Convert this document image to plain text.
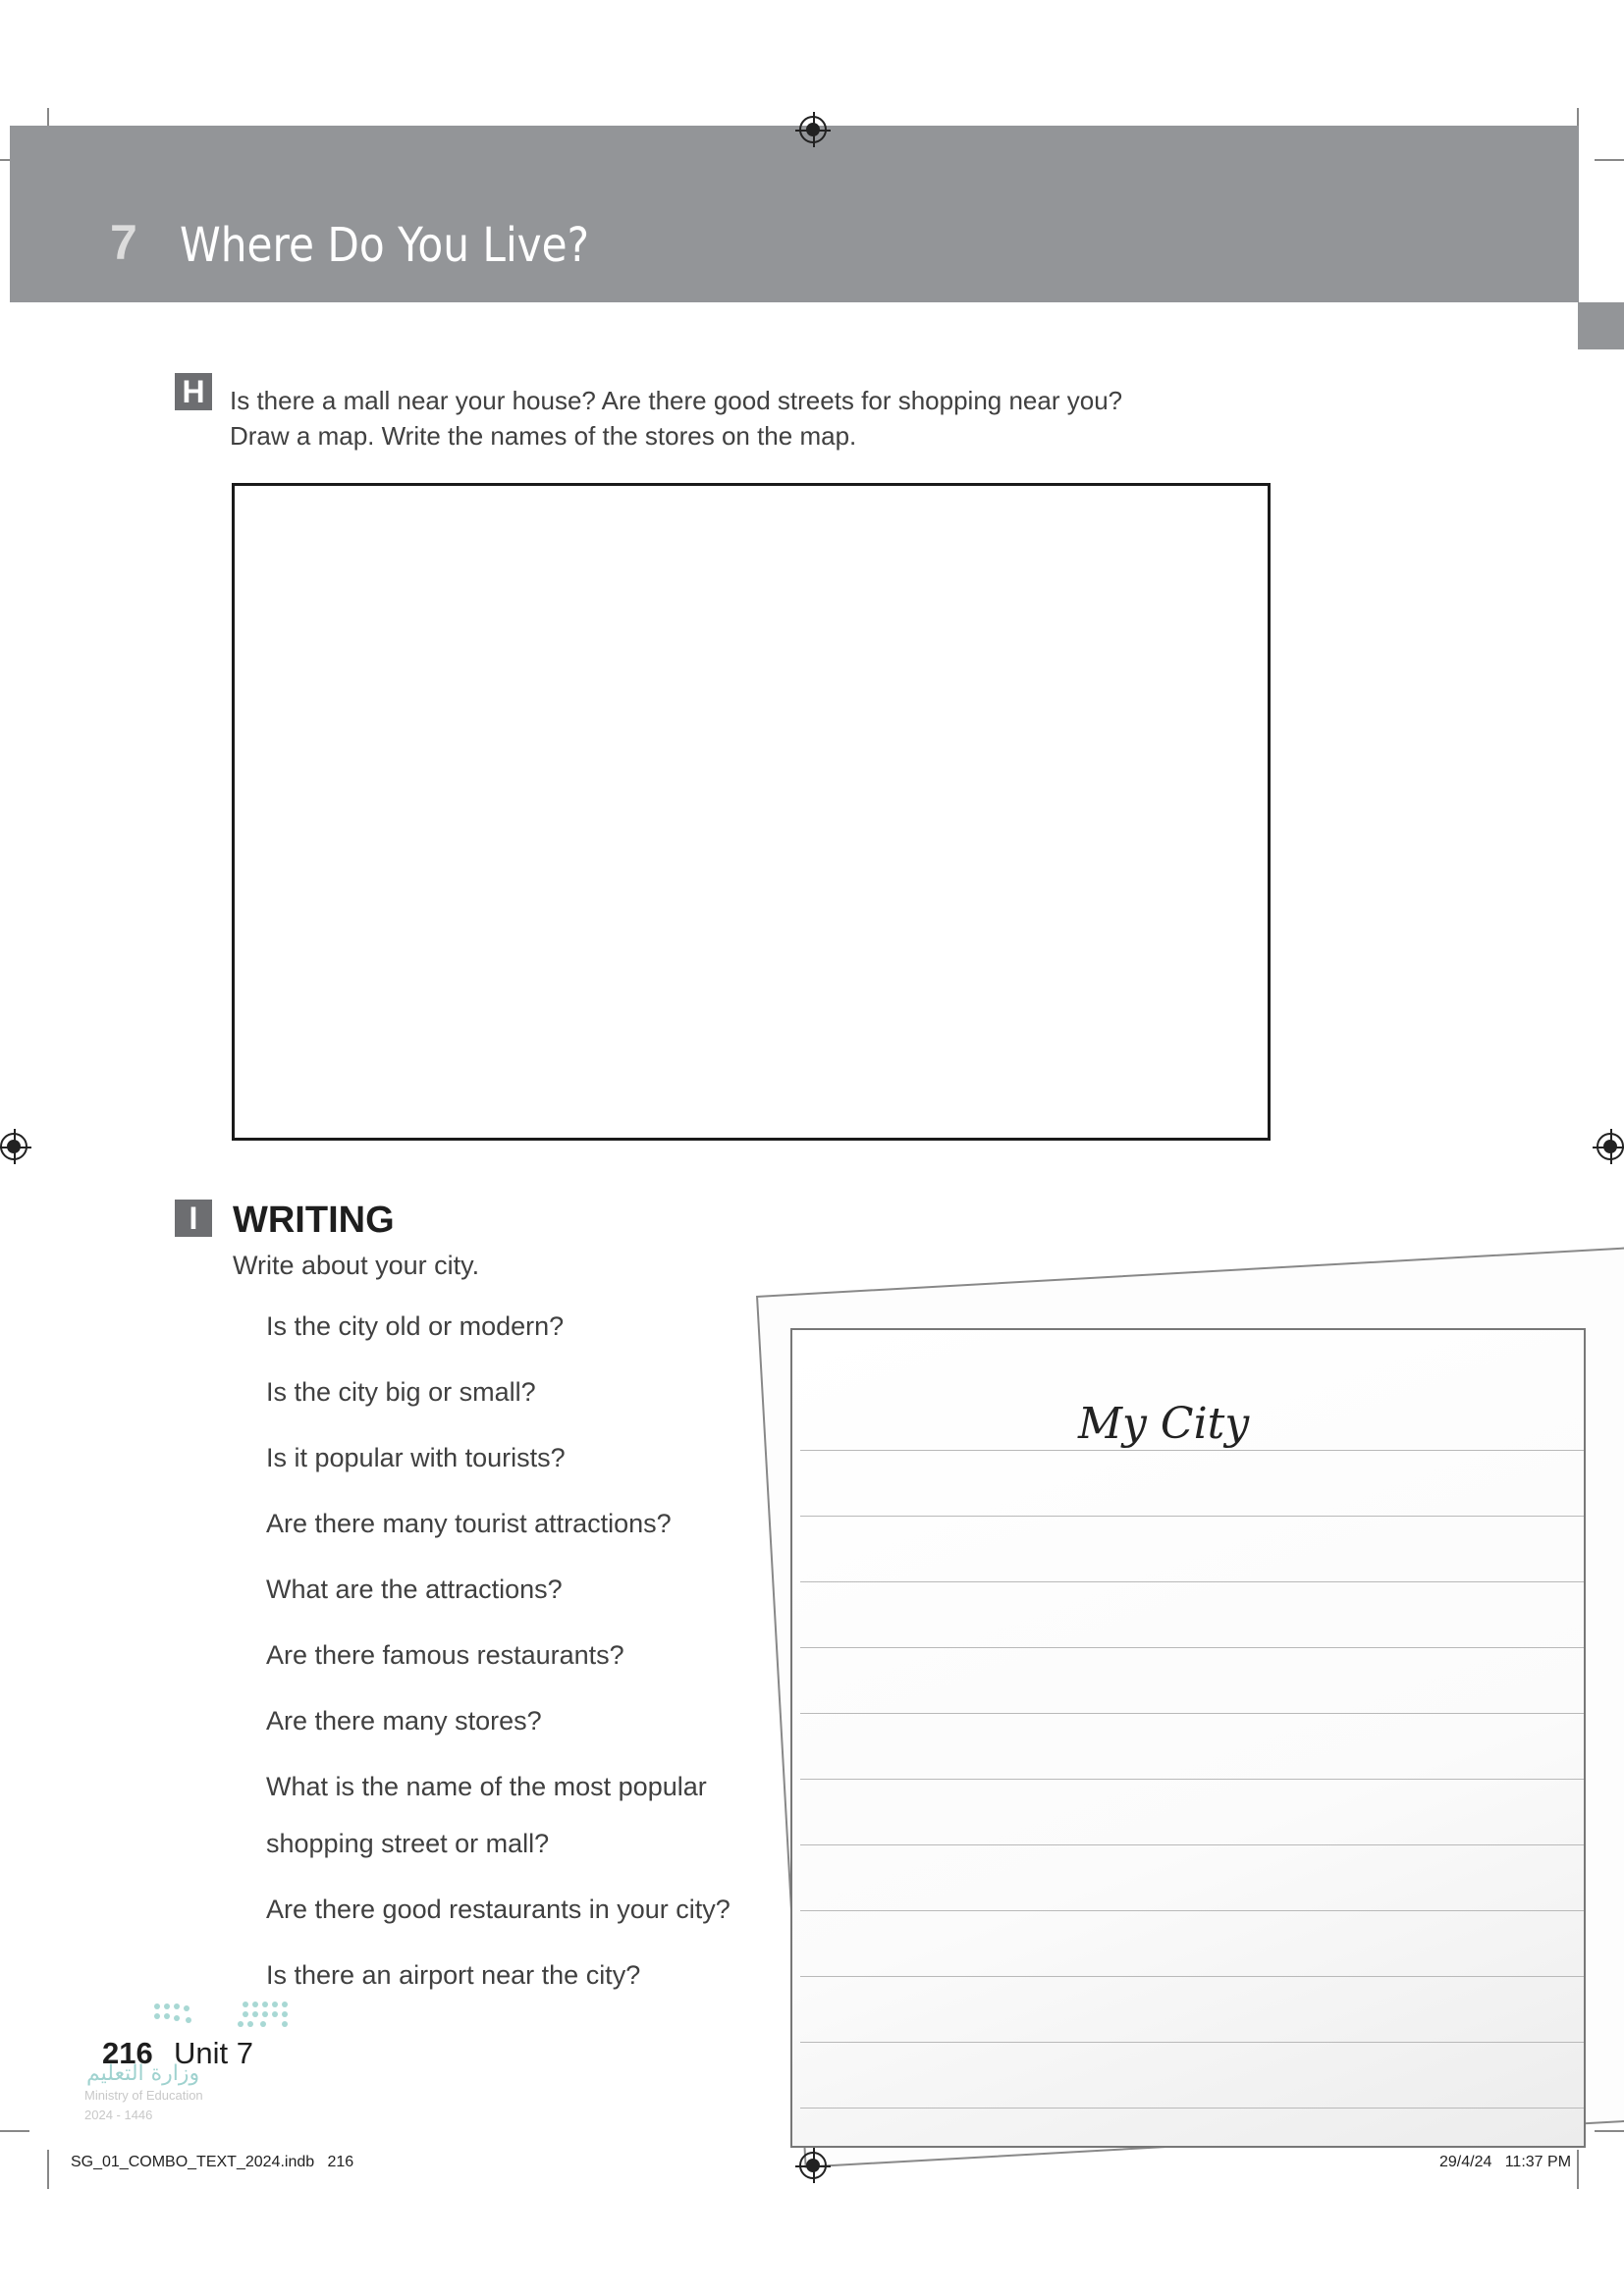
7 Where Do You Live?
H Is there a mall near your house? Are there good streets for shopping near you?
Draw a map. Write the names of the stores on the map.
I WRITING
Write about your city.
Is the city old or modern?
Is the city big or small?
Is it popular with tourists?
Are there many tourist attractions?
What are the attractions?
Are there famous restaurants?
Are there many stores?
What is the name of the most popular
shopping street or mall?
Are there good restaurants in your city?
Is there an airport near the city?
My City
216 Unit 7
وزارة التعليم
Ministry of Education
2024 - 1446
SG_01_COMBO_TEXT_2024.indb   216	29/4/24   11:37 PM
